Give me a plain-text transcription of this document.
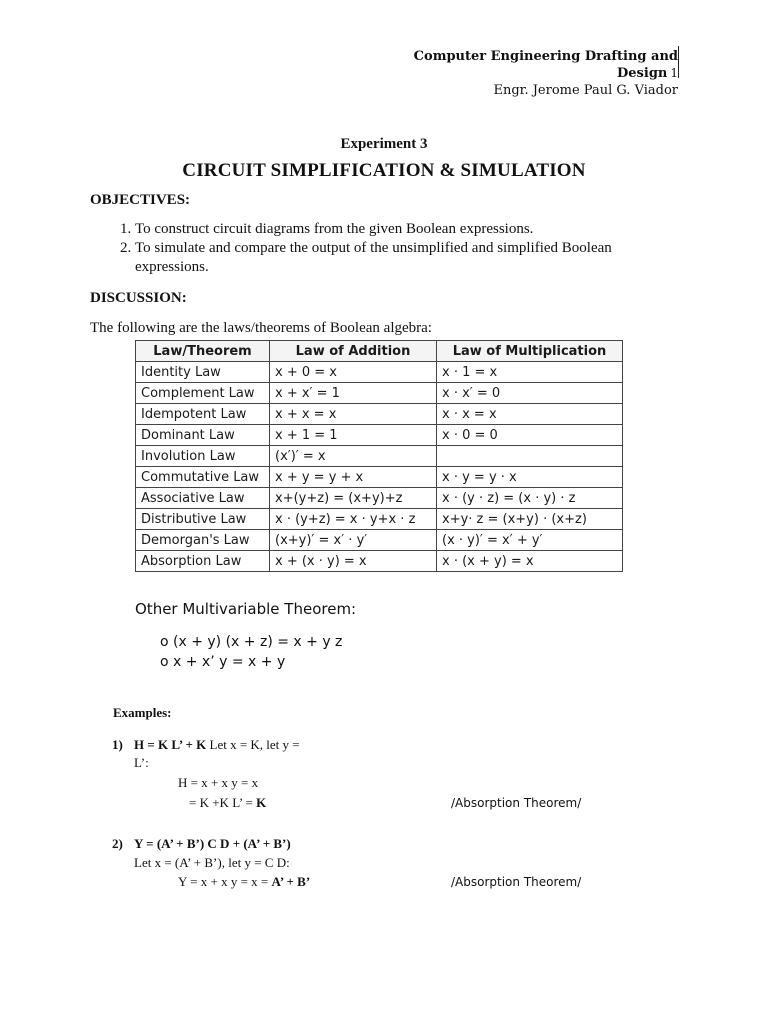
Computer Engineering Drafting and
Design 1
Engr. Jerome Paul G. Viador
Experiment 3
CIRCUIT SIMPLIFICATION & SIMULATION
OBJECTIVES:
1. To construct circuit diagrams from the given Boolean expressions.
2. To simulate and compare the output of the unsimplified and simplified Boolean expressions.
DISCUSSION:
The following are the laws/theorems of Boolean algebra:
Law/Theorem	Law of Addition	Law of Multiplication
Identity Law	x + 0 = x	x · 1 = x
Complement Law	x + x′ = 1	x · x′ = 0
Idempotent Law	x + x = x	x · x = x
Dominant Law	x + 1 = 1	x · 0 = 0
Involution Law	(x′)′ = x	
Commutative Law	x + y = y + x	x · y = y · x
Associative Law	x+(y+z) = (x+y)+z	x · (y · z) = (x · y) · z
Distributive Law	x · (y+z) = x · y+x · z	x+y· z = (x+y) · (x+z)
Demorgan's Law	(x+y)′ = x′ · y′	(x · y)′ = x′ + y′
Absorption Law	x + (x · y) = x	x · (x + y) = x
Other Multivariable Theorem:
o (x + y) (x + z) = x + y z
o x + x’ y = x + y
Examples:
1) H = K L’ + K Let x = K, let y =
L’:
H = x + x y = x
= K +K L’ = K	/Absorption Theorem/
2) Y = (A’ + B’) C D + (A’ + B’)
Let x = (A’ + B’), let y = C D:
Y = x + x y = x = A’ + B’	/Absorption Theorem/
